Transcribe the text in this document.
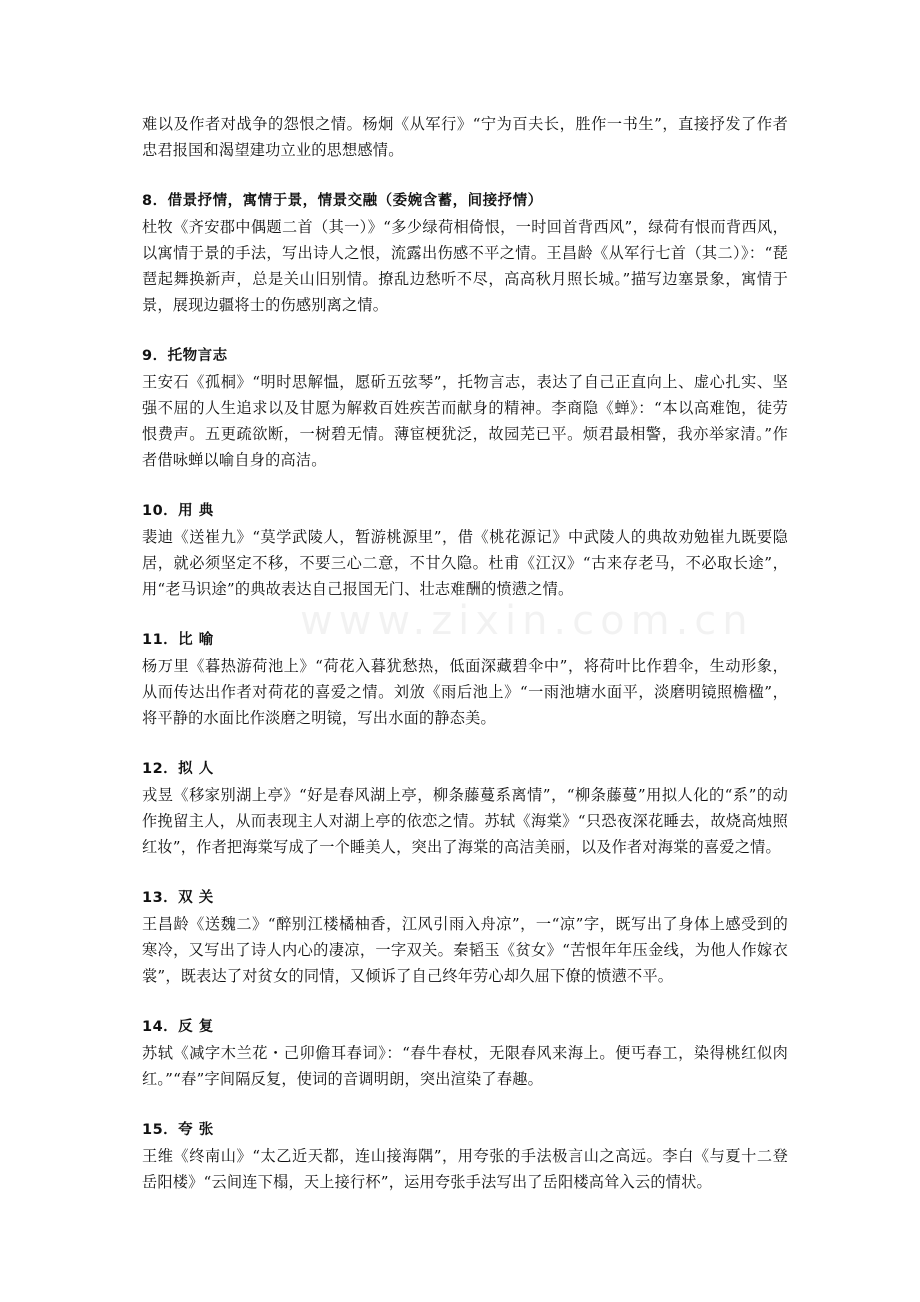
难以及作者对战争的怨恨之情。杨炯《从军行》“宁为百夫长，胜作一书生”，直接抒发了作者忠君报国和渴望建功立业的思想感情。

8．借景抒情，寓情于景，情景交融（委婉含蓄，间接抒情）

杜牧《齐安郡中偶题二首（其一）》“多少绿荷相倚恨，一时回首背西风”，绿荷有恨而背西风，以寓情于景的手法，写出诗人之恨，流露出伤感不平之情。王昌龄《从军行七首（其二）》：“琵琶起舞换新声，总是关山旧别情。撩乱边愁听不尽，高高秋月照长城。”描写边塞景象，寓情于景，展现边疆将士的伤感别离之情。

9．托物言志

王安石《孤桐》“明时思解愠，愿斫五弦琴”，托物言志，表达了自己正直向上、虚心扎实、坚强不屈的人生追求以及甘愿为解救百姓疾苦而献身的精神。李商隐《蝉》：“本以高难饱，徒劳恨费声。五更疏欲断，一树碧无情。薄宦梗犹泛，故园芜已平。烦君最相警，我亦举家清。”作者借咏蝉以喻自身的高洁。

10．用 典

裴迪《送崔九》“莫学武陵人，暂游桃源里”，借《桃花源记》中武陵人的典故劝勉崔九既要隐居，就必须坚定不移，不要三心二意，不甘久隐。杜甫《江汉》“古来存老马，不必取长途”，用“老马识途”的典故表达自己报国无门、壮志难酬的愤懑之情。

11．比 喻

杨万里《暮热游荷池上》“荷花入暮犹愁热，低面深藏碧伞中”，将荷叶比作碧伞，生动形象，从而传达出作者对荷花的喜爱之情。刘攽《雨后池上》“一雨池塘水面平，淡磨明镜照檐楹”，将平静的水面比作淡磨之明镜，写出水面的静态美。

12．拟 人

戎昱《移家别湖上亭》“好是春风湖上亭，柳条藤蔓系离情”，“柳条藤蔓”用拟人化的“系”的动作挽留主人，从而表现主人对湖上亭的依恋之情。苏轼《海棠》“只恐夜深花睡去，故烧高烛照红妆”，作者把海棠写成了一个睡美人，突出了海棠的高洁美丽，以及作者对海棠的喜爱之情。

13．双 关

王昌龄《送魏二》“醉别江楼橘柚香，江风引雨入舟凉”，一“凉”字，既写出了身体上感受到的寒冷，又写出了诗人内心的凄凉，一字双关。秦韬玉《贫女》“苦恨年年压金线，为他人作嫁衣裳”，既表达了对贫女的同情，又倾诉了自己终年劳心却久屈下僚的愤懑不平。

14．反 复

苏轼《减字木兰花・己卯儋耳春词》：“春牛春杖，无限春风来海上。便丐春工，染得桃红似肉红。”“春”字间隔反复，使词的音调明朗，突出渲染了春趣。

15．夸 张

王维《终南山》“太乙近天都，连山接海隅”，用夸张的手法极言山之高远。李白《与夏十二登岳阳楼》“云间连下榻，天上接行杯”，运用夸张手法写出了岳阳楼高耸入云的情状。

www.zixin.com.cn
